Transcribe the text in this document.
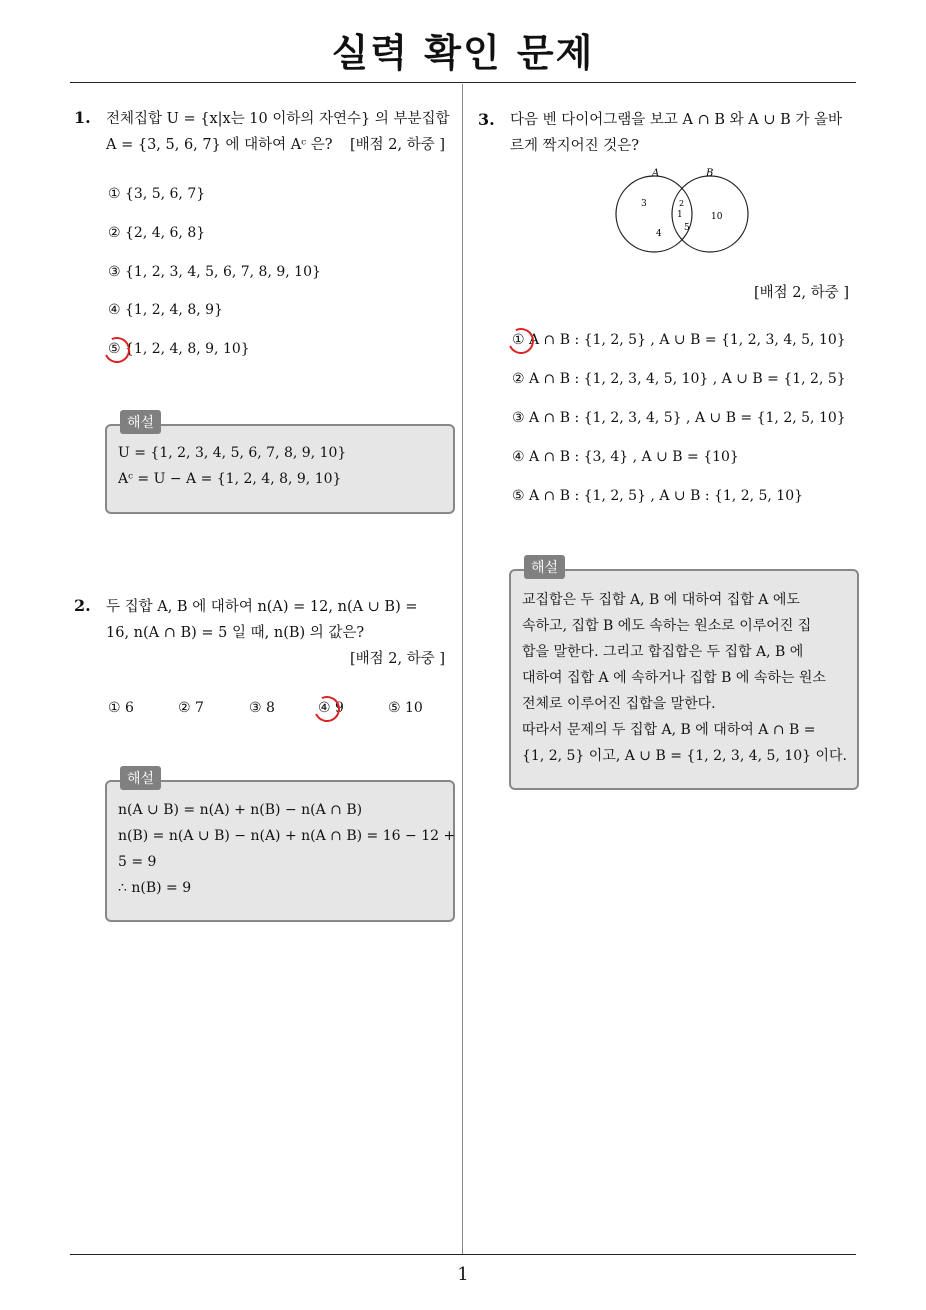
실력 확인 문제
1
1. 전체집합 U = {x|x는 10 이하의 자연수} 의 부분집합
A = {3, 5, 6, 7} 에 대하여 Aᶜ 은? [배점 2, 하중 ]
① {3, 5, 6, 7}
② {2, 4, 6, 8}
③ {1, 2, 3, 4, 5, 6, 7, 8, 9, 10}
④ {1, 2, 4, 8, 9}
⑤ {1, 2, 4, 8, 9, 10}
해설
U = {1, 2, 3, 4, 5, 6, 7, 8, 9, 10}
Aᶜ = U − A = {1, 2, 4, 8, 9, 10}
2. 두 집합 A, B 에 대하여 n(A) = 12, n(A ∪ B) =
16, n(A ∩ B) = 5 일 때, n(B) 의 값은?
[배점 2, 하중 ]
① 6	② 7	③ 8	④ 9	⑤ 10
해설
n(A ∪ B) = n(A) + n(B) − n(A ∩ B)
n(B) = n(A ∪ B) − n(A) + n(A ∩ B) = 16 − 12 +
5 = 9
∴ n(B) = 9
3. 다음 벤 다이어그램을 보고 A ∩ B 와 A ∪ B 가 올바
르게 짝지어진 것은?
A	B
3
4
2
1
5
10
[배점 2, 하중 ]
① A ∩ B : {1, 2, 5} , A ∪ B = {1, 2, 3, 4, 5, 10}
② A ∩ B : {1, 2, 3, 4, 5, 10} , A ∪ B = {1, 2, 5}
③ A ∩ B : {1, 2, 3, 4, 5} , A ∪ B = {1, 2, 5, 10}
④ A ∩ B : {3, 4} , A ∪ B = {10}
⑤ A ∩ B : {1, 2, 5} , A ∪ B : {1, 2, 5, 10}
해설
교집합은 두 집합 A, B 에 대하여 집합 A 에도
속하고, 집합 B 에도 속하는 원소로 이루어진 집
합을 말한다. 그리고 합집합은 두 집합 A, B 에
대하여 집합 A 에 속하거나 집합 B 에 속하는 원소
전체로 이루어진 집합을 말한다.
따라서 문제의 두 집합 A, B 에 대하여 A ∩ B =
{1, 2, 5} 이고, A ∪ B = {1, 2, 3, 4, 5, 10} 이다.
